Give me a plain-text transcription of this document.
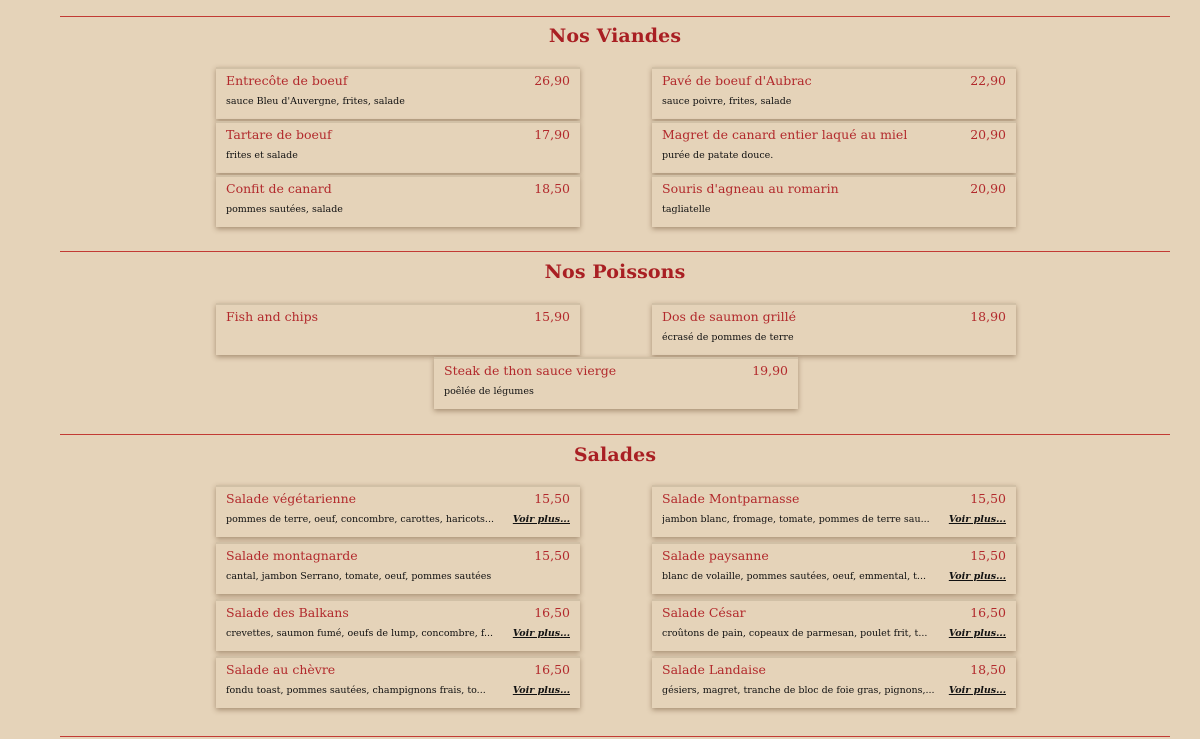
Nos Viandes
Entrecôte de boeuf	26,90
sauce Bleu d'Auvergne, frites, salade
Pavé de boeuf d'Aubrac	22,90
sauce poivre, frites, salade
Tartare de boeuf	17,90
frites et salade
Magret de canard entier laqué au miel	20,90
purée de patate douce.
Confit de canard	18,50
pommes sautées, salade
Souris d'agneau au romarin	20,90
tagliatelle
Nos Poissons
Fish and chips	15,90	Dos de saumon grillé	18,90
écrasé de pommes de terre
Steak de thon sauce vierge	19,90
poêlée de légumes
Salades
Salade végétarienne	15,50
pommes de terre, oeuf, concombre, carottes, haricots... Voir plus...
Salade Montparnasse	15,50
jambon blanc, fromage, tomate, pommes de terre sau... Voir plus...
Salade montagnarde	15,50
cantal, jambon Serrano, tomate, oeuf, pommes sautées
Salade paysanne	15,50
blanc de volaille, pommes sautées, oeuf, emmental, t... Voir plus...
Salade des Balkans	16,50
crevettes, saumon fumé, oeufs de lump, concombre, f... Voir plus...
Salade César	16,50
croûtons de pain, copeaux de parmesan, poulet frit, t... Voir plus...
Salade au chèvre	16,50
fondu toast, pommes sautées, champignons frais, to...	Voir plus...
Salade Landaise	18,50
gésiers, magret, tranche de bloc de foie gras, pignons,... Voir plus...
